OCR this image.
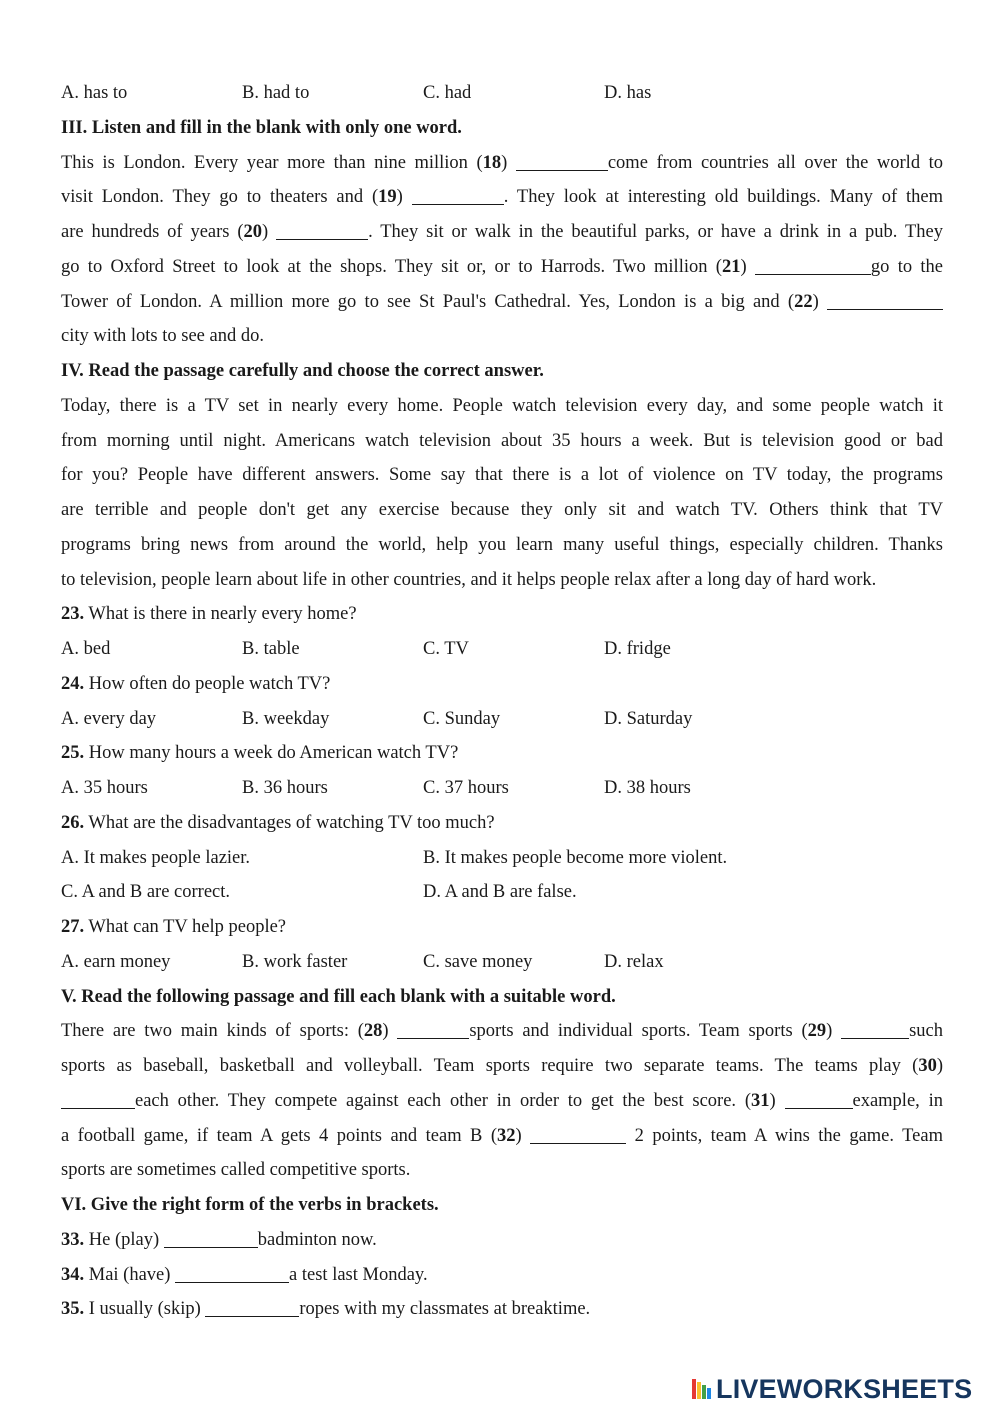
A. has to	B. had to	C. had	D. has
III. Listen and fill in the blank with only one word.
This is London. Every year more than nine million (18)	come from countries all over the world to
visit London. They go to theaters and (19)	. They look at interesting old buildings. Many of them
are hundreds of years (20)	. They sit or walk in the beautiful parks, or have a drink in a pub. They
go to Oxford Street to look at the shops. They sit or, or to Harrods. Two million (21)	go to the
Tower of London. A million more go to see St Paul's Cathedral. Yes, London is a big and (22)
city with lots to see and do.
IV. Read the passage carefully and choose the correct answer.
Today, there is a TV set in nearly every home. People watch television every day, and some people watch it
from morning until night. Americans watch television about 35 hours a week. But is television good or bad
for you? People have different answers. Some say that there is a lot of violence on TV today, the programs
are terrible and people don't get any exercise because they only sit and watch TV. Others think that TV
programs bring news from around the world, help you learn many useful things, especially children. Thanks
to television, people learn about life in other countries, and it helps people relax after a long day of hard work.
23. What is there in nearly every home?
A. bed	B. table	C. TV	D. fridge
24. How often do people watch TV?
A. every day	B. weekday	C. Sunday	D. Saturday
25. How many hours a week do American watch TV?
A. 35 hours	B. 36 hours	C. 37 hours	D. 38 hours
26. What are the disadvantages of watching TV too much?
A. It makes people lazier.	B. It makes people become more violent.
C. A and B are correct.	D. A and B are false.
27. What can TV help people?
A. earn money	B. work faster	C. save money	D. relax
V. Read the following passage and fill each blank with a suitable word.
There are two main kinds of sports: (28)	sports and individual sports. Team sports (29)	such
sports as baseball, basketball and volleyball. Team sports require two separate teams. The teams play (30)
each other. They compete against each other in order to get the best score. (31)	example, in
a football game, if team A gets 4 points and team B (32)	2 points, team A wins the game. Team
sports are sometimes called competitive sports.
VI. Give the right form of the verbs in brackets.
33. He (play)	badminton now.
34. Mai (have)	a test last Monday.
35. I usually (skip)	ropes with my classmates at breaktime.
LIVEWORKSHEETS
